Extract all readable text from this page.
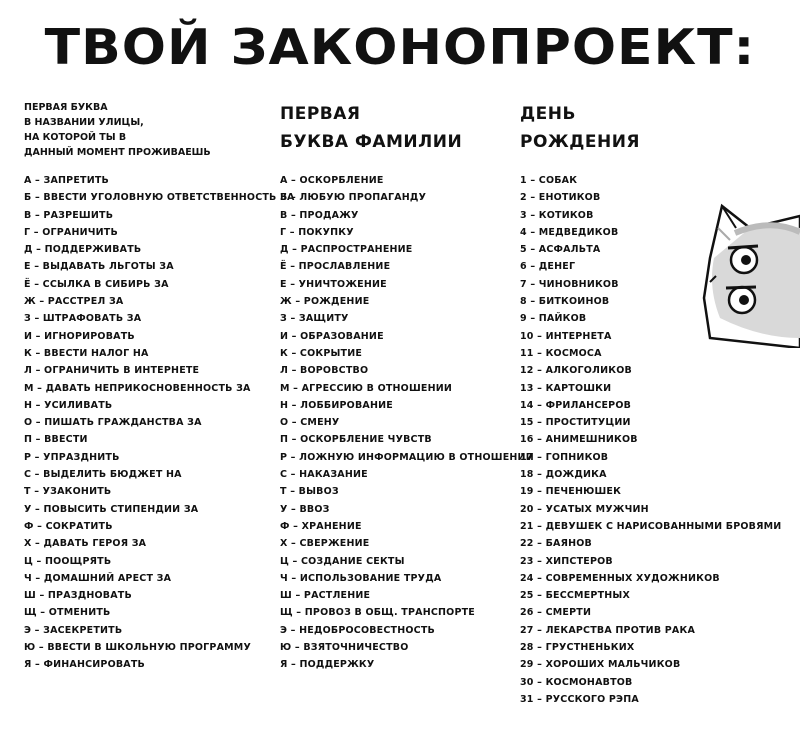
ТВОЙ ЗАКОНОПРОЕКТ:
ПЕРВАЯ БУКВА
В НАЗВАНИИ УЛИЦЫ,
НА КОТОРОЙ ТЫ В
ДАННЫЙ МОМЕНТ ПРОЖИВАЕШЬ
А – ЗАПРЕТИТЬ
Б – ВВЕСТИ УГОЛОВНУЮ ОТВЕТСТВЕННОСТЬ ЗА
В – РАЗРЕШИТЬ
Г – ОГРАНИЧИТЬ
Д – ПОДДЕРЖИВАТЬ
Е – ВЫДАВАТЬ ЛЬГОТЫ ЗА
Ё – ССЫЛКА В СИБИРЬ ЗА
Ж – РАССТРЕЛ ЗА
З – ШТРАФОВАТЬ ЗА
И – ИГНОРИРОВАТЬ
К – ВВЕСТИ НАЛОГ НА
Л – ОГРАНИЧИТЬ В ИНТЕРНЕТЕ
М – ДАВАТЬ НЕПРИКОСНОВЕННОСТЬ ЗА
Н – УСИЛИВАТЬ
О – ПИШАТЬ ГРАЖДАНСТВА ЗА
П – ВВЕСТИ
Р – УПРАЗДНИТЬ
С – ВЫДЕЛИТЬ БЮДЖЕТ НА
Т – УЗАКОНИТЬ
У – ПОВЫСИТЬ СТИПЕНДИИ ЗА
Ф – СОКРАТИТЬ
Х – ДАВАТЬ ГЕРОЯ ЗА
Ц – ПООЩРЯТЬ
Ч – ДОМАШНИЙ АРЕСТ ЗА
Ш – ПРАЗДНОВАТЬ
Щ – ОТМЕНИТЬ
Э – ЗАСЕКРЕТИТЬ
Ю – ВВЕСТИ В ШКОЛЬНУЮ ПРОГРАММУ
Я – ФИНАНСИРОВАТЬ
ПЕРВАЯ
БУКВА ФАМИЛИИ
А – ОСКОРБЛЕНИЕ
Б – ЛЮБУЮ ПРОПАГАНДУ
В – ПРОДАЖУ
Г – ПОКУПКУ
Д – РАСПРОСТРАНЕНИЕ
Ё – ПРОСЛАВЛЕНИЕ
Е – УНИЧТОЖЕНИЕ
Ж – РОЖДЕНИЕ
З – ЗАЩИТУ
И – ОБРАЗОВАНИЕ
К – СОКРЫТИЕ
Л – ВОРОВСТВО
М – АГРЕССИЮ В ОТНОШЕНИИ
Н – ЛОББИРОВАНИЕ
О – СМЕНУ
П – ОСКОРБЛЕНИЕ ЧУВСТВ
Р – ЛОЖНУЮ ИНФОРМАЦИЮ В ОТНОШЕНИИ
С – НАКАЗАНИЕ
Т – ВЫВОЗ
У – ВВОЗ
Ф – ХРАНЕНИЕ
Х – СВЕРЖЕНИЕ
Ц – СОЗДАНИЕ СЕКТЫ
Ч – ИСПОЛЬЗОВАНИЕ ТРУДА
Ш – РАСТЛЕНИЕ
Щ – ПРОВОЗ В ОБЩ. ТРАНСПОРТЕ
Э – НЕДОБРОСОВЕСТНОСТЬ
Ю – ВЗЯТОЧНИЧЕСТВО
Я – ПОДДЕРЖКУ
ДЕНЬ
РОЖДЕНИЯ
1 – СОБАК
2 – ЕНОТИКОВ
3 – КОТИКОВ
4 – МЕДВЕДИКОВ
5 – АСФАЛЬТА
6 – ДЕНЕГ
7 – ЧИНОВНИКОВ
8 – БИТКОИНОВ
9 – ПАЙКОВ
10 – ИНТЕРНЕТА
11 – КОСМОСА
12 – АЛКОГОЛИКОВ
13 – КАРТОШКИ
14 – ФРИЛАНСЕРОВ
15 – ПРОСТИТУЦИИ
16 – АНИМЕШНИКОВ
17 – ГОПНИКОВ
18 – ДОЖДИКА
19 – ПЕЧЕНЮШЕК
20 – УСАТЫХ МУЖЧИН
21 – ДЕВУШЕК С НАРИСОВАННЫМИ БРОВЯМИ
22 – БАЯНОВ
23 – ХИПСТЕРОВ
24 – СОВРЕМЕННЫХ ХУДОЖНИКОВ
25 – БЕССМЕРТНЫХ
26 – СМЕРТИ
27 – ЛЕКАРСТВА ПРОТИВ РАКА
28 – ГРУСТНЕНЬКИХ
29 – ХОРОШИХ МАЛЬЧИКОВ
30 – КОСМОНАВТОВ
31 – РУССКОГО РЭПА
